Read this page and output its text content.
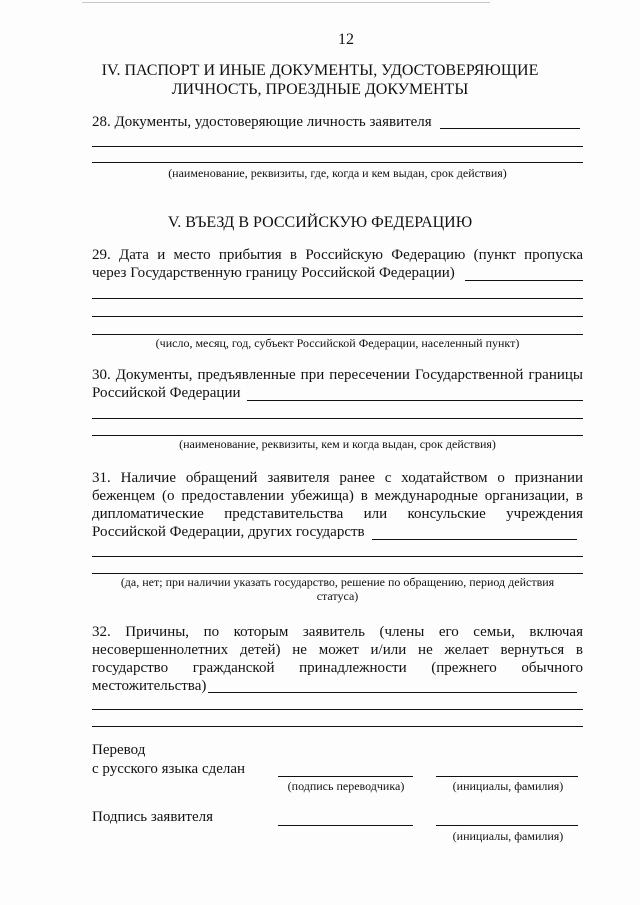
12
IV. ПАСПОРТ И ИНЫЕ ДОКУМЕНТЫ, УДОСТОВЕРЯЮЩИЕ
ЛИЧНОСТЬ, ПРОЕЗДНЫЕ ДОКУМЕНТЫ
28. Документы, удостоверяющие личность заявителя
(наименование, реквизиты, где, когда и кем выдан, срок действия)
V. ВЪЕЗД В РОССИЙСКУЮ ФЕДЕРАЦИЮ
29. Дата и место прибытия в Российскую Федерацию (пункт пропуска
через Государственную границу Российской Федерации)
(число, месяц, год, субъект Российской Федерации, населенный пункт)
30. Документы, предъявленные при пересечении Государственной границы
Российской Федерации
(наименование, реквизиты, кем и когда выдан, срок действия)
31. Наличие обращений заявителя ранее с ходатайством о признании
беженцем (о предоставлении убежища) в международные организации, в
дипломатические представительства или консульские учреждения
Российской Федерации, других государств
(да, нет; при наличии указать государство, решение по обращению, период действия
статуса)
32. Причины, по которым заявитель (члены его семьи, включая
несовершеннолетних детей) не может и/или не желает вернуться в
государство гражданской принадлежности (прежнего обычного
местожительства)
Перевод
с русского языка сделан
(подпись переводчика)	(инициалы, фамилия)
Подпись заявителя
(инициалы, фамилия)
